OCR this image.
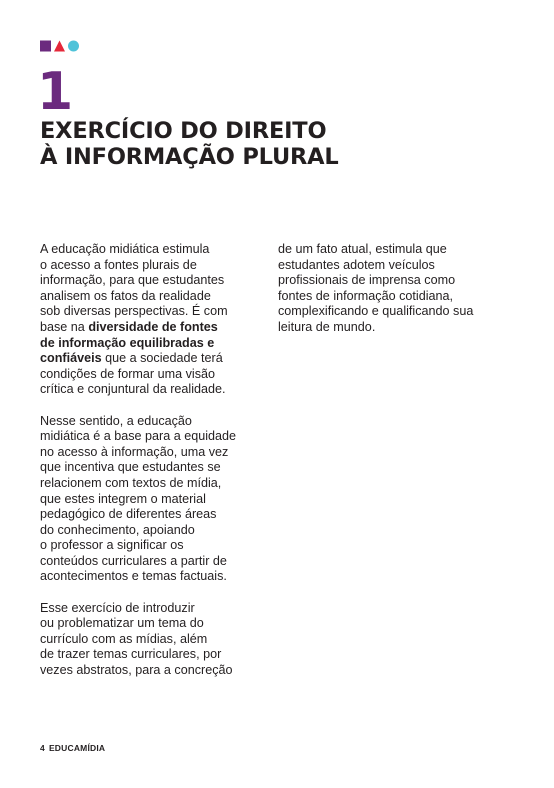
1
EXERCÍCIO DO DIREITO
À INFORMAÇÃO PLURAL

A educação midiática estimula
o acesso a fontes plurais de
informação, para que estudantes
analisem os fatos da realidade
sob diversas perspectivas. É com
base na diversidade de fontes
de informação equilibradas e
confiáveis que a sociedade terá
condições de formar uma visão
crítica e conjuntural da realidade.

Nesse sentido, a educação
midiática é a base para a equidade
no acesso à informação, uma vez
que incentiva que estudantes se
relacionem com textos de mídia,
que estes integrem o material
pedagógico de diferentes áreas
do conhecimento, apoiando
o professor a significar os
conteúdos curriculares a partir de
acontecimentos e temas factuais.

Esse exercício de introduzir
ou problematizar um tema do
currículo com as mídias, além
de trazer temas curriculares, por
vezes abstratos, para a concreção

de um fato atual, estimula que
estudantes adotem veículos
profissionais de imprensa como
fontes de informação cotidiana,
complexificando e qualificando sua
leitura de mundo.

4 EDUCAMÍDIA
